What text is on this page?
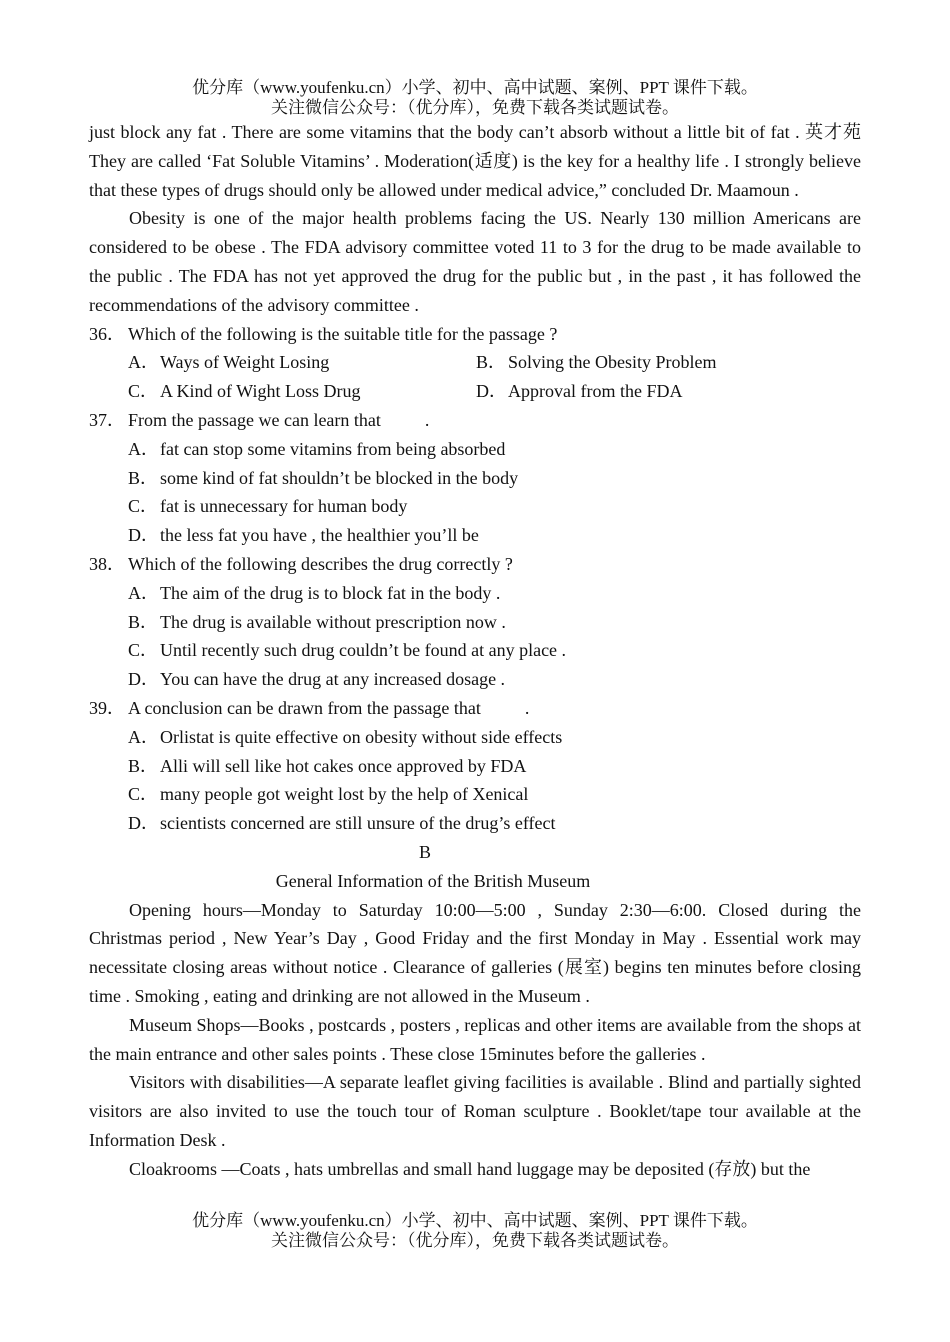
优分库（www.youfenku.cn）小学、初中、高中试题、案例、PPT 课件下载。
关注微信公众号：（优分库），免费下载各类试题试卷。

just block any fat . There are some vitamins that the body can’t absorb without a little bit of fat . 英才苑 They are called ‘Fat Soluble Vitamins’ . Moderation(适度) is the key for a healthy life . I strongly believe that these types of drugs should only be allowed under medical advice,” concluded Dr. Maamoun .

Obesity is one of the major health problems facing the US. Nearly 130 million Americans are considered to be obese . The FDA advisory committee voted 11 to 3 for the drug to be made available to the public . The FDA has not yet approved the drug for the public but , in the past , it has followed the recommendations of the advisory committee .

36． Which of the following is the suitable title for the passage ?

A．Ways of Weight Losing	B． Solving the Obesity Problem
C． A Kind of Wight Loss Drug	D．Approval from the FDA

37． From the passage we can learn that .

A．fat can stop some vitamins from being absorbed

B． some kind of fat shouldn’t be blocked in the body

C． fat is unnecessary for human body

D．the less fat you have , the healthier you’ll be

38． Which of the following describes the drug correctly ?

A．The aim of the drug is to block fat in the body .

B． The drug is available without prescription now .

C． Until recently such drug couldn’t be found at any place .

D．You can have the drug at any increased dosage .

39． A conclusion can be drawn from the passage that .

A．Orlistat is quite effective on obesity without side effects

B． Alli will sell like hot cakes once approved by FDA

C． many people got weight lost by the help of Xenical

D．scientists concerned are still unsure of the drug’s effect

B

General Information of the British Museum

Opening hours—Monday to Saturday 10:00—5:00 , Sunday 2:30—6:00. Closed during the Christmas period , New Year’s Day , Good Friday and the first Monday in May . Essential work may necessitate closing areas without notice . Clearance of galleries (展室) begins ten minutes before closing time . Smoking , eating and drinking are not allowed in the Museum .

Museum Shops—Books , postcards , posters , replicas and other items are available from the shops at the main entrance and other sales points . These close 15minutes before the galleries .

Visitors with disabilities—A separate leaflet giving facilities is available . Blind and partially sighted visitors are also invited to use the touch tour of Roman sculpture . Booklet/tape tour available at the Information Desk .

Cloakrooms —Coats , hats umbrellas and small hand luggage may be deposited (存放) but the

优分库（www.youfenku.cn）小学、初中、高中试题、案例、PPT 课件下载。
关注微信公众号：（优分库），免费下载各类试题试卷。
